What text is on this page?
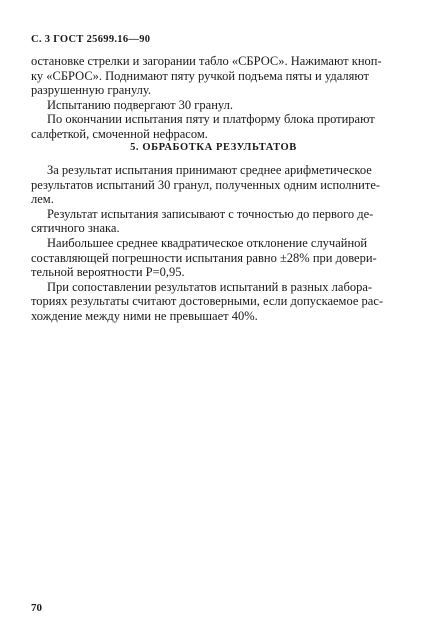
С. 3 ГОСТ 25699.16—90
остановке стрелки и загорании табло «СБРОС». Нажимают кноп-
ку «СБРОС». Поднимают пяту ручкой подъема пяты и удаляют
разрушенную гранулу.
Испытанию подвергают 30 гранул.
По окончании испытания пяту и платформу блока протирают
салфеткой, смоченной нефрасом.
5. ОБРАБОТКА РЕЗУЛЬТАТОВ
За результат испытания принимают среднее арифметическое
результатов испытаний 30 гранул, полученных одним исполните-
лем.
Результат испытания записывают с точностью до первого де-
сятичного знака.
Наибольшее среднее квадратическое отклонение случайной
составляющей погрешности испытания равно ±28% при довери-
тельной вероятности P=0,95.
При сопоставлении результатов испытаний в разных лабора-
ториях результаты считают достоверными, если допускаемое рас-
хождение между ними не превышает 40%.
70
